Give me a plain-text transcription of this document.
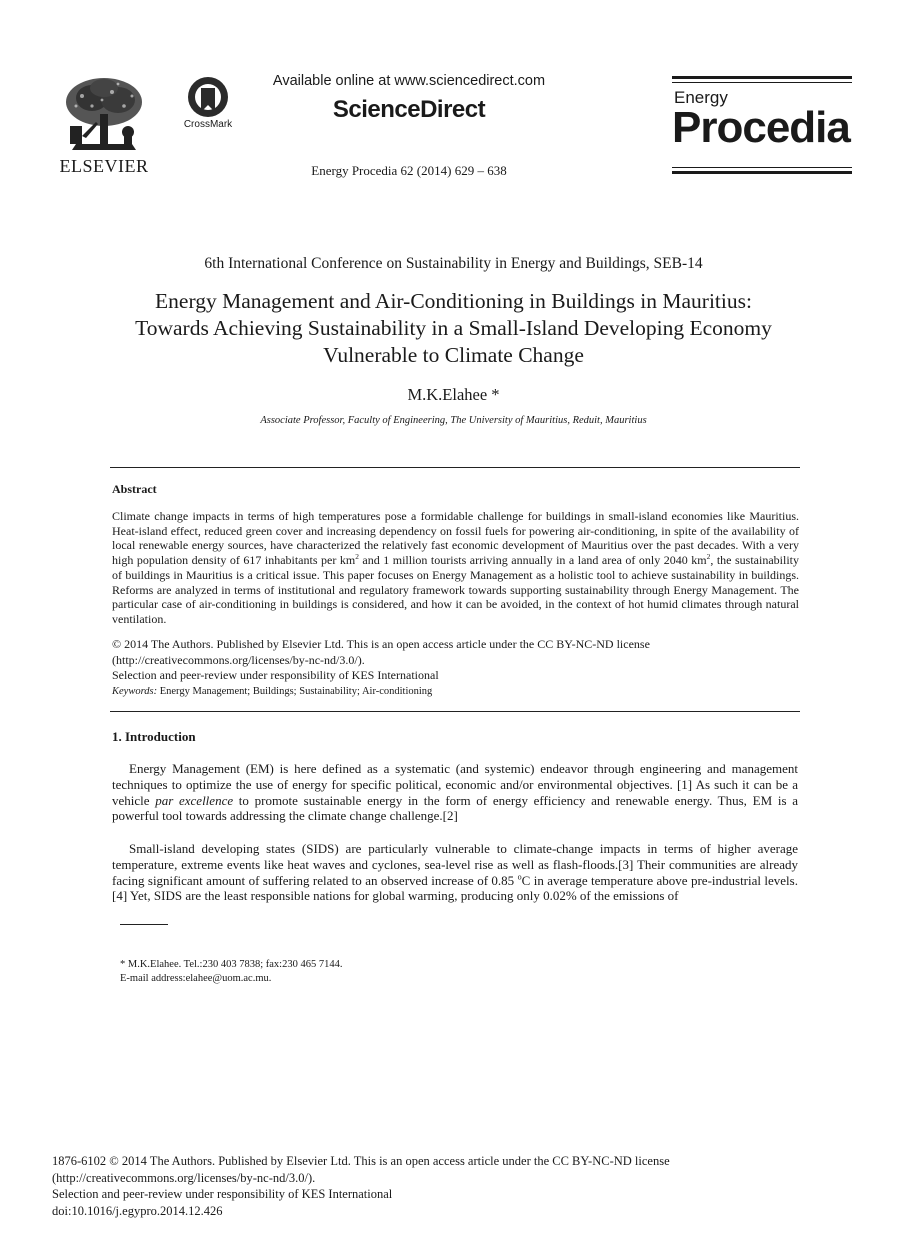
ELSEVIER
CrossMark
Available online at www.sciencedirect.com
ScienceDirect
Energy Procedia 62 (2014) 629 – 638
Energy
Procedia
6th International Conference on Sustainability in Energy and Buildings, SEB-14
Energy Management and Air-Conditioning in Buildings in Mauritius:
Towards Achieving Sustainability in a Small-Island Developing Economy
Vulnerable to Climate Change
M.K.Elahee *
Associate Professor, Faculty of Engineering, The University of Mauritius, Reduit, Mauritius
Abstract
Climate change impacts in terms of high temperatures pose a formidable challenge for buildings in small-island economies like Mauritius. Heat-island effect, reduced green cover and increasing dependency on fossil fuels for powering air-conditioning, in spite of the availability of local renewable energy sources, have characterized the relatively fast economic development of Mauritius over the past decades. With a very high population density of 617 inhabitants per $km^2$ and 1 million tourists arriving annually in a land area of only 2040 $km^2$, the sustainability of buildings in Mauritius is a critical issue. This paper focuses on Energy Management as a holistic tool to achieve sustainability in buildings. Reforms are analyzed in terms of institutional and regulatory framework towards supporting sustainability through Energy Management. The particular case of air-conditioning in buildings is considered, and how it can be avoided, in the context of hot humid climates through natural ventilation.
© 2014 The Authors. Published by Elsevier Ltd. This is an open access article under the CC BY-NC-ND license
(http://creativecommons.org/licenses/by-nc-nd/3.0/).
Selection and peer-review under responsibility of KES International
Keywords: Energy Management; Buildings; Sustainability; Air-conditioning
1. Introduction
Energy Management (EM) is here defined as a systematic (and systemic) endeavor through engineering and management techniques to optimize the use of energy for specific political, economic and/or environmental objectives. [1] As such it can be a vehicle par excellence to promote sustainable energy in the form of energy efficiency and renewable energy. Thus, EM is a powerful tool towards addressing the climate change challenge.[2]
Small-island developing states (SIDS) are particularly vulnerable to climate-change impacts in terms of higher average temperature, extreme events like heat waves and cyclones, sea-level rise as well as flash-floods.[3] Their communities are already facing significant amount of suffering related to an observed increase of 0.85 $^o$C in average temperature above pre-industrial levels. [4] Yet, SIDS are the least responsible nations for global warming, producing only 0.02% of the emissions of
* M.K.Elahee. Tel.:230 403 7838; fax:230 465 7144.
E-mail address:elahee@uom.ac.mu.
1876-6102 © 2014 The Authors. Published by Elsevier Ltd. This is an open access article under the CC BY-NC-ND license
(http://creativecommons.org/licenses/by-nc-nd/3.0/).
Selection and peer-review under responsibility of KES International
doi:10.1016/j.egypro.2014.12.426
